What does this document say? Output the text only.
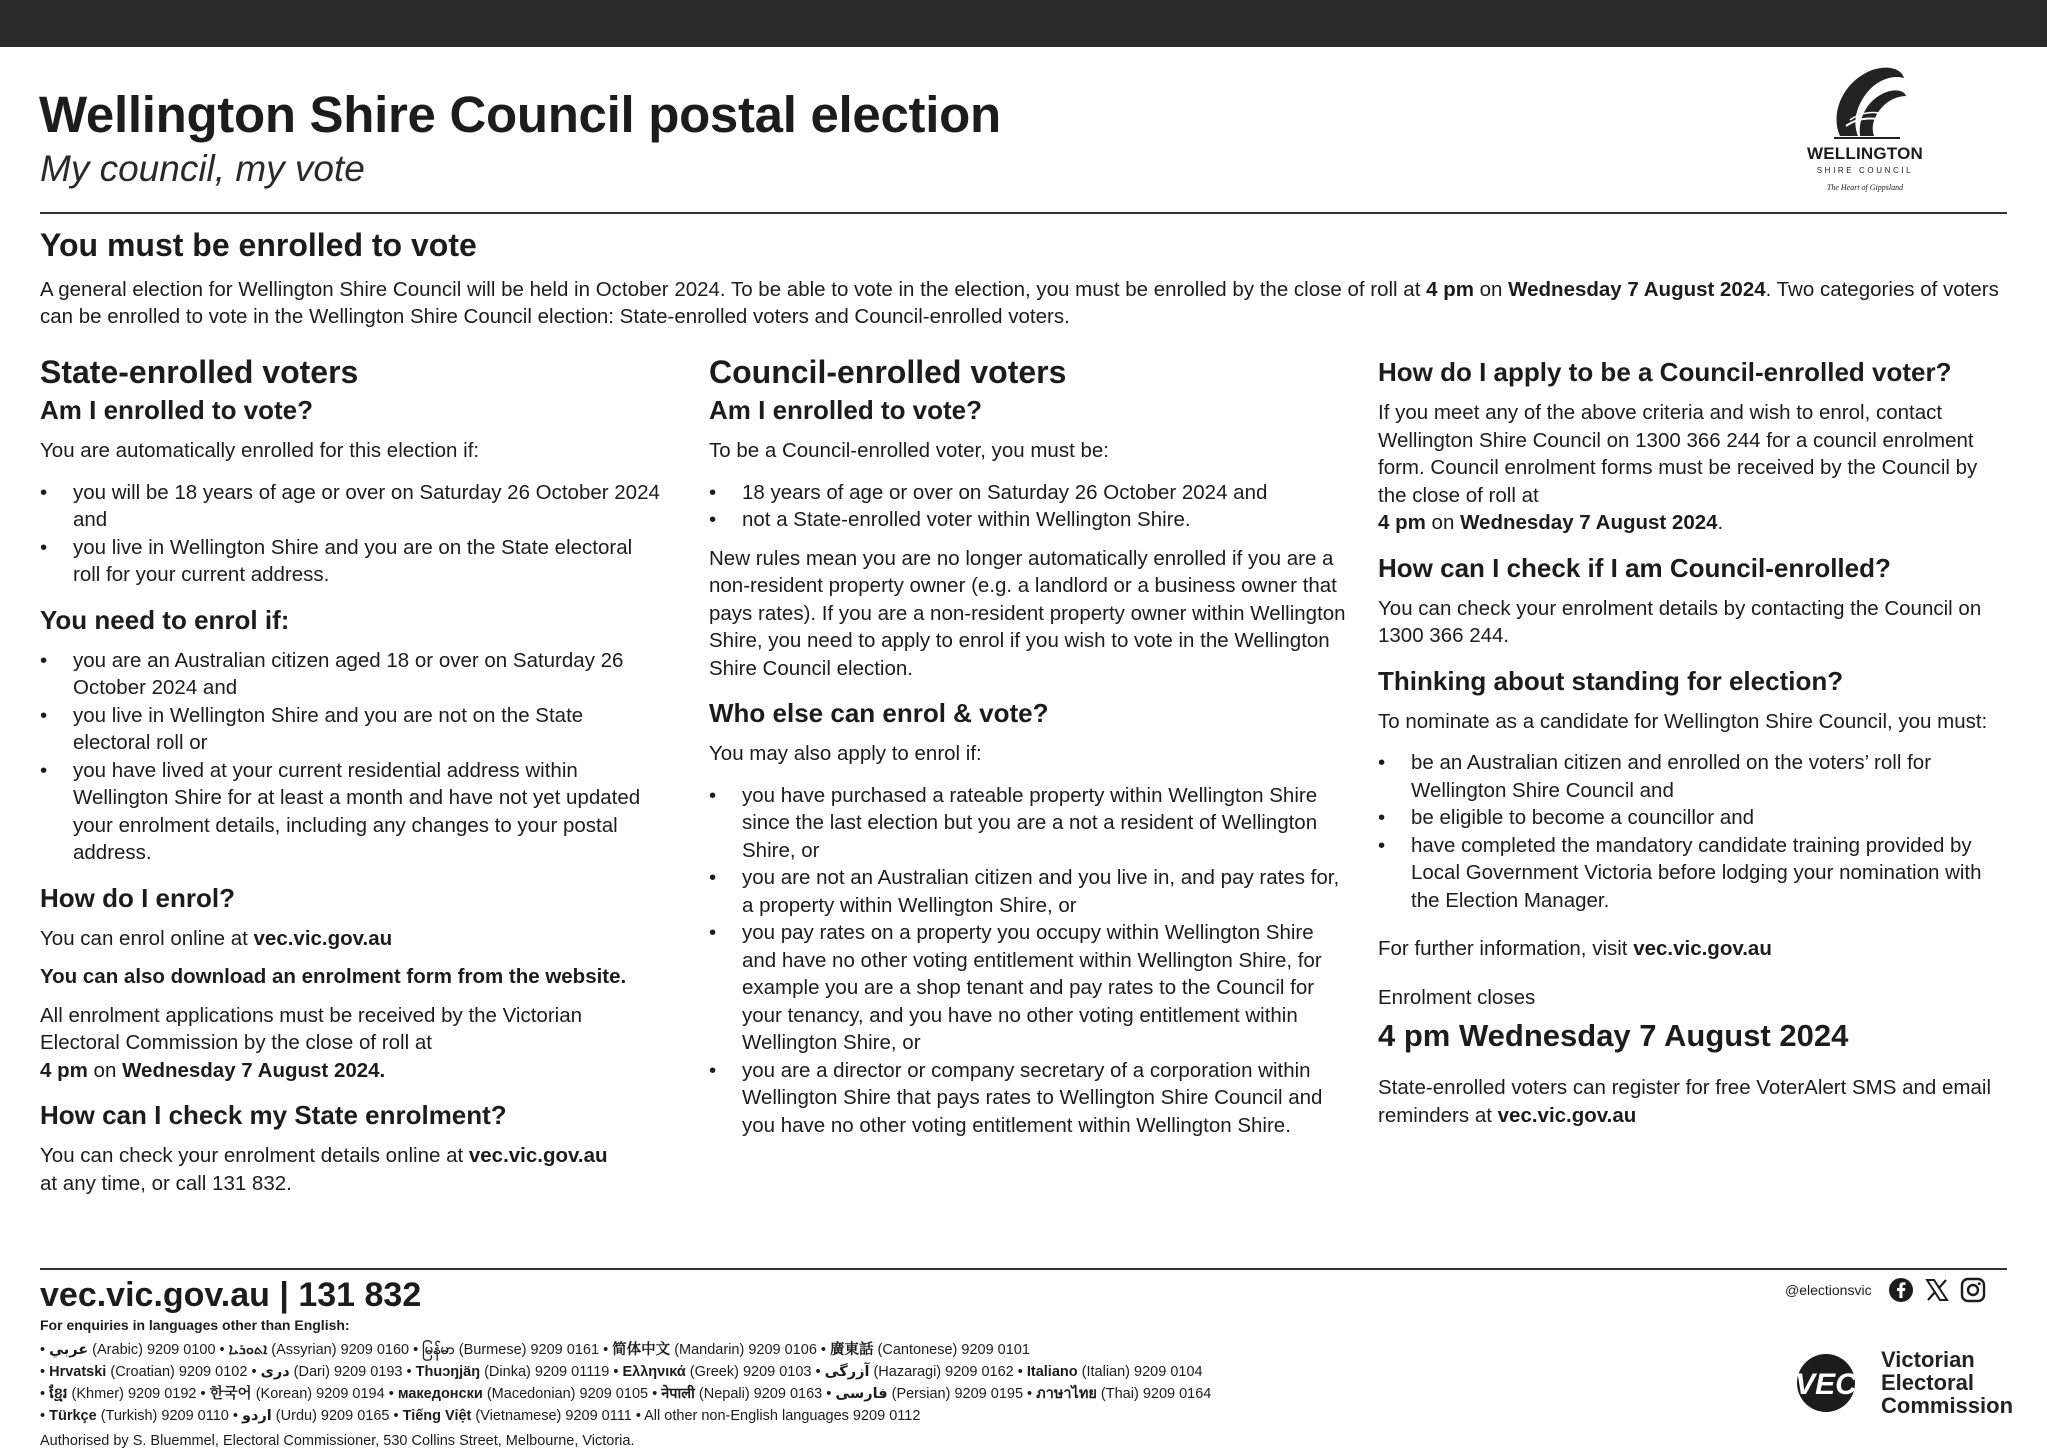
Wellington Shire Council postal election
My council, my vote	WELLINGTON
SHIRE COUNCIL
The Heart of Gippsland
You must be enrolled to vote

A general election for Wellington Shire Council will be held in October 2024. To be able to vote in the election, you must be enrolled by the close of roll at 4 pm on Wednesday 7 August 2024. Two categories of voters can be enrolled to vote in the Wellington Shire Council election: State-enrolled voters and Council-enrolled voters.

State-enrolled voters
Am I enrolled to vote?

You are automatically enrolled for this election if:

• you will be 18 years of age or over on Saturday 26 October 2024 and
• you live in Wellington Shire and you are on the State electoral roll for your current address.
You need to enrol if:
• you are an Australian citizen aged 18 or over on Saturday 26 October 2024 and
• you live in Wellington Shire and you are not on the State electoral roll or
• you have lived at your current residential address within Wellington Shire for at least a month and have not yet updated your enrolment details, including any changes to your postal address.
How do I enrol?

You can enrol online at vec.vic.gov.au

You can also download an enrolment form from the website.

All enrolment applications must be received by the Victorian Electoral Commission by the close of roll at
4 pm on Wednesday 7 August 2024.

How can I check my State enrolment?

You can check your enrolment details online at vec.vic.gov.au
at any time, or call 131 832.

Council-enrolled voters
Am I enrolled to vote?

To be a Council-enrolled voter, you must be:

• 18 years of age or over on Saturday 26 October 2024 and
• not a State-enrolled voter within Wellington Shire.

New rules mean you are no longer automatically enrolled if you are a non-resident property owner (e.g. a landlord or a business owner that pays rates). If you are a non-resident property owner within Wellington Shire, you need to apply to enrol if you wish to vote in the Wellington Shire Council election.

Who else can enrol & vote?

You may also apply to enrol if:

• you have purchased a rateable property within Wellington Shire since the last election but you are a not a resident of Wellington Shire, or
• you are not an Australian citizen and you live in, and pay rates for, a property within Wellington Shire, or
• you pay rates on a property you occupy within Wellington Shire and have no other voting entitlement within Wellington Shire, for example you are a shop tenant and pay rates to the Council for your tenancy, and you have no other voting entitlement within Wellington Shire, or
• you are a director or company secretary of a corporation within Wellington Shire that pays rates to Wellington Shire Council and you have no other voting entitlement within Wellington Shire.
How do I apply to be a Council-enrolled voter?

If you meet any of the above criteria and wish to enrol, contact Wellington Shire Council on 1300 366 244 for a council enrolment form. Council enrolment forms must be received by the Council by the close of roll at
4 pm on Wednesday 7 August 2024.

How can I check if I am Council-enrolled?

You can check your enrolment details by contacting the Council on 1300 366 244.

Thinking about standing for election?

To nominate as a candidate for Wellington Shire Council, you must:

• be an Australian citizen and enrolled on the voters’ roll for Wellington Shire Council and
• be eligible to become a councillor and
• have completed the mandatory candidate training provided by Local Government Victoria before lodging your nomination with the Election Manager.

For further information, visit vec.vic.gov.au

Enrolment closes

4 pm Wednesday 7 August 2024

State-enrolled voters can register for free VoterAlert SMS and email reminders at vec.vic.gov.au

vec.vic.gov.au | 131 832
For enquiries in languages other than English:
• عربي (Arabic) 9209 0100 • ܐܬܘܪܝܐ (Assyrian) 9209 0160 • မြန်မာ (Burmese) 9209 0161 • 简体中文 (Mandarin) 9209 0106 • 廣東話 (Cantonese) 9209 0101
• Hrvatski (Croatian) 9209 0102 • دری (Dari) 9209 0193 • Thuɔŋjäŋ (Dinka) 9209 01119 • Ελληνικά (Greek) 9209 0103 • آزرگی (Hazaragi) 9209 0162 • Italiano (Italian) 9209 0104
• ខ្មែរ (Khmer) 9209 0192 • 한국어 (Korean) 9209 0194 • македонски (Macedonian) 9209 0105 • नेपाली (Nepali) 9209 0163 • فارسی (Persian) 9209 0195 • ภาษาไทย (Thai) 9209 0164
• Türkçe (Turkish) 9209 0110 • اردو (Urdu) 9209 0165 • Tiếng Việt (Vietnamese) 9209 0111 • All other non-English languages 9209 0112
Authorised by S. Bluemmel, Electoral Commissioner, 530 Collins Street, Melbourne, Victoria.
@electionsvic
VEC
Victorian
Electoral
Commission
